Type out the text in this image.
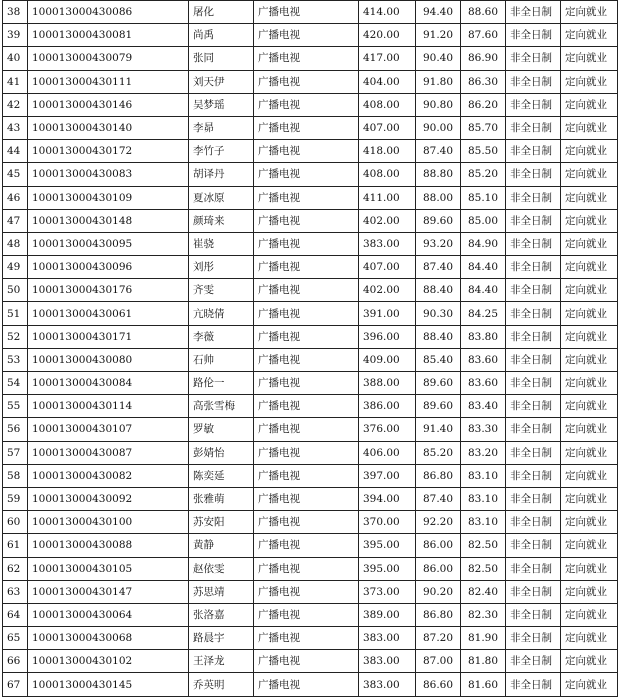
38	100013000430086	屠化	广播电视	414.00	94.40	88.60	非全日制	定向就业
39	100013000430081	尚禹	广播电视	420.00	91.20	87.60	非全日制	定向就业
40	100013000430079	张同	广播电视	417.00	90.40	86.90	非全日制	定向就业
41	100013000430111	刘天伊	广播电视	404.00	91.80	86.30	非全日制	定向就业
42	100013000430146	吴梦瑶	广播电视	408.00	90.80	86.20	非全日制	定向就业
43	100013000430140	李昴	广播电视	407.00	90.00	85.70	非全日制	定向就业
44	100013000430172	李竹子	广播电视	418.00	87.40	85.50	非全日制	定向就业
45	100013000430083	胡译丹	广播电视	408.00	88.80	85.20	非全日制	定向就业
46	100013000430109	夏冰原	广播电视	411.00	88.00	85.10	非全日制	定向就业
47	100013000430148	颜琦来	广播电视	402.00	89.60	85.00	非全日制	定向就业
48	100013000430095	崔骁	广播电视	383.00	93.20	84.90	非全日制	定向就业
49	100013000430096	刘彤	广播电视	407.00	87.40	84.40	非全日制	定向就业
50	100013000430176	齐雯	广播电视	402.00	88.40	84.40	非全日制	定向就业
51	100013000430061	亢晓倩	广播电视	391.00	90.30	84.25	非全日制	定向就业
52	100013000430171	李薇	广播电视	396.00	88.40	83.80	非全日制	定向就业
53	100013000430080	石帅	广播电视	409.00	85.40	83.60	非全日制	定向就业
54	100013000430084	路伦一	广播电视	388.00	89.60	83.60	非全日制	定向就业
55	100013000430114	高张雪梅	广播电视	386.00	89.60	83.40	非全日制	定向就业
56	100013000430107	罗敏	广播电视	376.00	91.40	83.30	非全日制	定向就业
57	100013000430087	彭婧怡	广播电视	406.00	85.20	83.20	非全日制	定向就业
58	100013000430082	陈奕延	广播电视	397.00	86.80	83.10	非全日制	定向就业
59	100013000430092	张雅萌	广播电视	394.00	87.40	83.10	非全日制	定向就业
60	100013000430100	苏安阳	广播电视	370.00	92.20	83.10	非全日制	定向就业
61	100013000430088	黄静	广播电视	395.00	86.00	82.50	非全日制	定向就业
62	100013000430105	赵依雯	广播电视	395.00	86.00	82.50	非全日制	定向就业
63	100013000430147	苏思靖	广播电视	373.00	90.20	82.40	非全日制	定向就业
64	100013000430064	张洛嘉	广播电视	389.00	86.80	82.30	非全日制	定向就业
65	100013000430068	路晨宇	广播电视	383.00	87.20	81.90	非全日制	定向就业
66	100013000430102	王泽龙	广播电视	383.00	87.00	81.80	非全日制	定向就业
67	100013000430145	乔英明	广播电视	383.00	86.60	81.60	非全日制	定向就业
